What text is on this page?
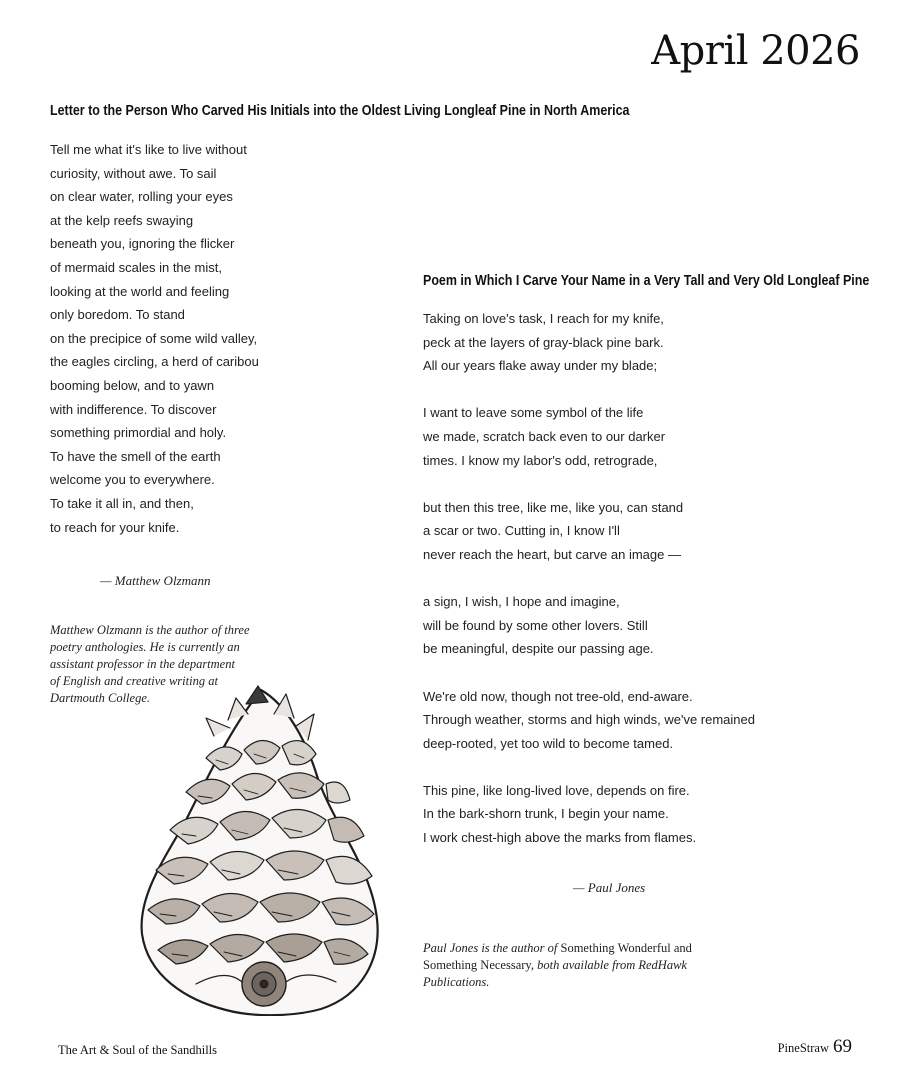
April 2026
Letter to the Person Who Carved His Initials into the Oldest Living Longleaf Pine in North America
Tell me what it's like to live without
curiosity, without awe. To sail
on clear water, rolling your eyes
at the kelp reefs swaying
beneath you, ignoring the flicker
of mermaid scales in the mist,
looking at the world and feeling
only boredom. To stand
on the precipice of some wild valley,
the eagles circling, a herd of caribou
booming below, and to yawn
with indifference. To discover
something primordial and holy.
To have the smell of the earth
welcome you to everywhere.
To take it all in, and then,
to reach for your knife.
— Matthew Olzmann
Matthew Olzmann is the author of three
poetry anthologies. He is currently an
assistant professor in the department
of English and creative writing at
Dartmouth College.
Poem in Which I Carve Your Name in a Very Tall and Very Old Longleaf Pine
Taking on love's task, I reach for my knife,
peck at the layers of gray-black pine bark.
All our years flake away under my blade;
I want to leave some symbol of the life
we made, scratch back even to our darker
times. I know my labor's odd, retrograde,
but then this tree, like me, like you, can stand
a scar or two. Cutting in, I know I'll
never reach the heart, but carve an image —
a sign, I wish, I hope and imagine,
will be found by some other lovers. Still
be meaningful, despite our passing age.
We're old now, though not tree-old, end-aware.
Through weather, storms and high winds, we've remained
deep-rooted, yet too wild to become tamed.
This pine, like long-lived love, depends on fire.
In the bark-shorn trunk, I begin your name.
I work chest-high above the marks from flames.
— Paul Jones
Paul Jones is the author of Something Wonderful and
Something Necessary, both available from RedHawk
Publications.
The Art & Soul of the Sandhills	PineStraw 69
